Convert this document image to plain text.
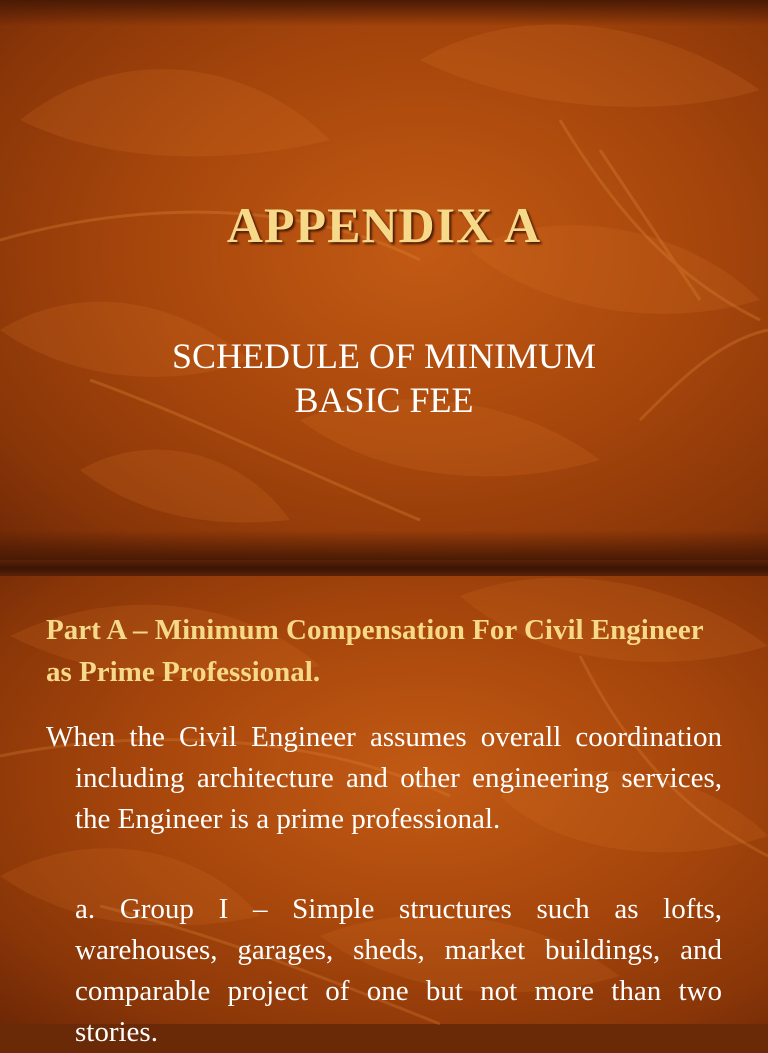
APPENDIX A
SCHEDULE OF MINIMUM
BASIC FEE
Part A – Minimum Compensation For Civil Engineer as Prime Professional.
When the Civil Engineer assumes overall coordination including architecture and other engineering services, the Engineer is a prime professional.
a. Group I – Simple structures such as lofts, warehouses, garages, sheds, market buildings, and comparable project of one but not more than two stories.
